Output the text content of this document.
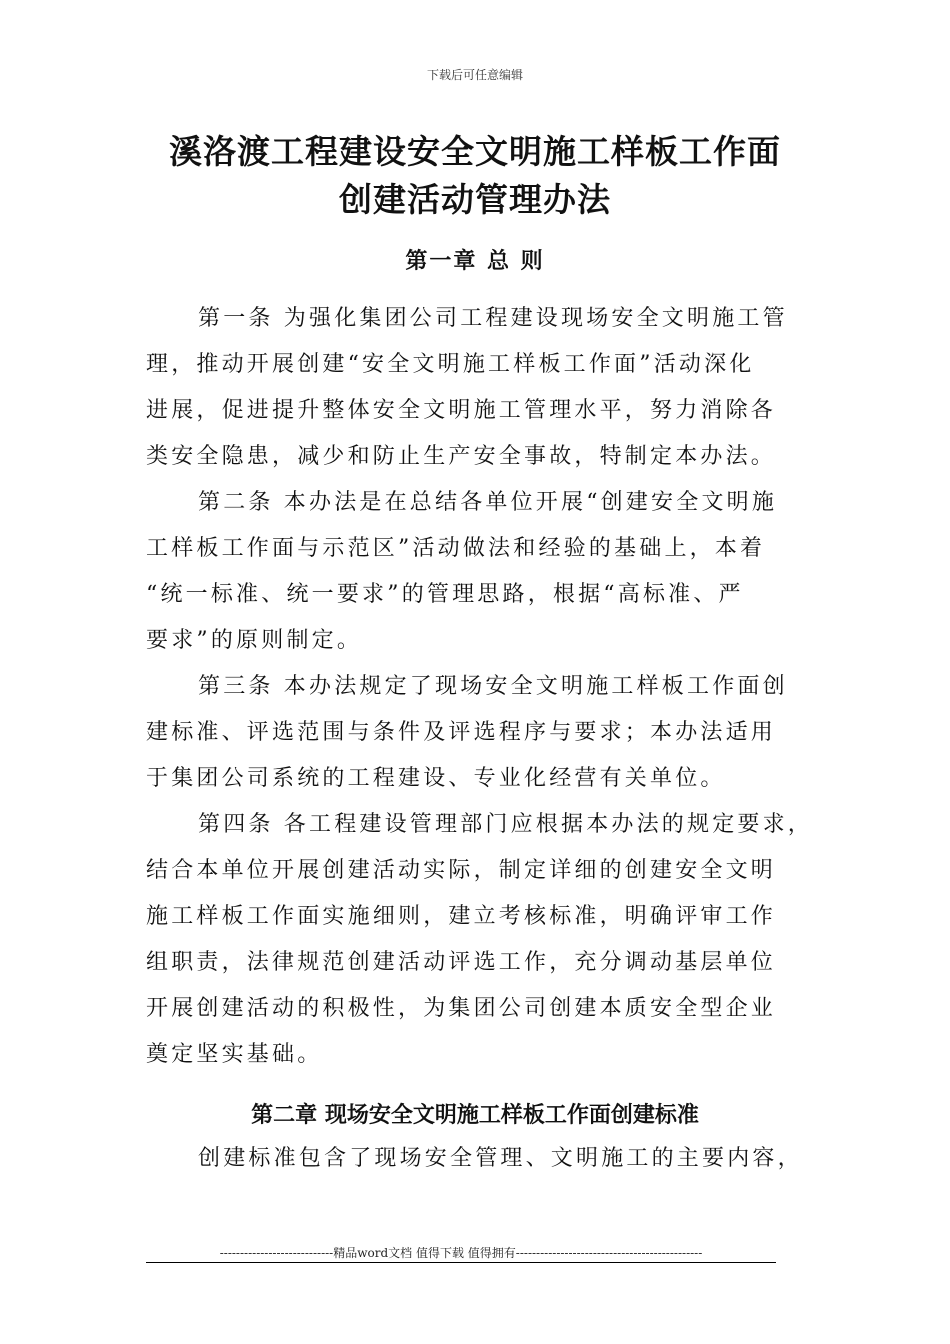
下载后可任意编辑
溪洛渡工程建设安全文明施工样板工作面
创建活动管理办法
第一章 总 则
第一条 为强化集团公司工程建设现场安全文明施工管
理，推动开展创建“安全文明施工样板工作面”活动深化
进展，促进提升整体安全文明施工管理水平，努力消除各
类安全隐患，减少和防止生产安全事故，特制定本办法。
第二条 本办法是在总结各单位开展“创建安全文明施
工样板工作面与示范区”活动做法和经验的基础上，本着
“统一标准、统一要求”的管理思路，根据“高标准、严
要求”的原则制定。
第三条 本办法规定了现场安全文明施工样板工作面创
建标准、评选范围与条件及评选程序与要求；本办法适用
于集团公司系统的工程建设、专业化经营有关单位。
第四条 各工程建设管理部门应根据本办法的规定要求，
结合本单位开展创建活动实际，制定详细的创建安全文明
施工样板工作面实施细则，建立考核标准，明确评审工作
组职责，法律规范创建活动评选工作，充分调动基层单位
开展创建活动的积极性，为集团公司创建本质安全型企业
奠定坚实基础。
第二章 现场安全文明施工样板工作面创建标准
创建标准包含了现场安全管理、文明施工的主要内容，
----------------------------精品word文档 值得下载 值得拥有----------------------------------------------
